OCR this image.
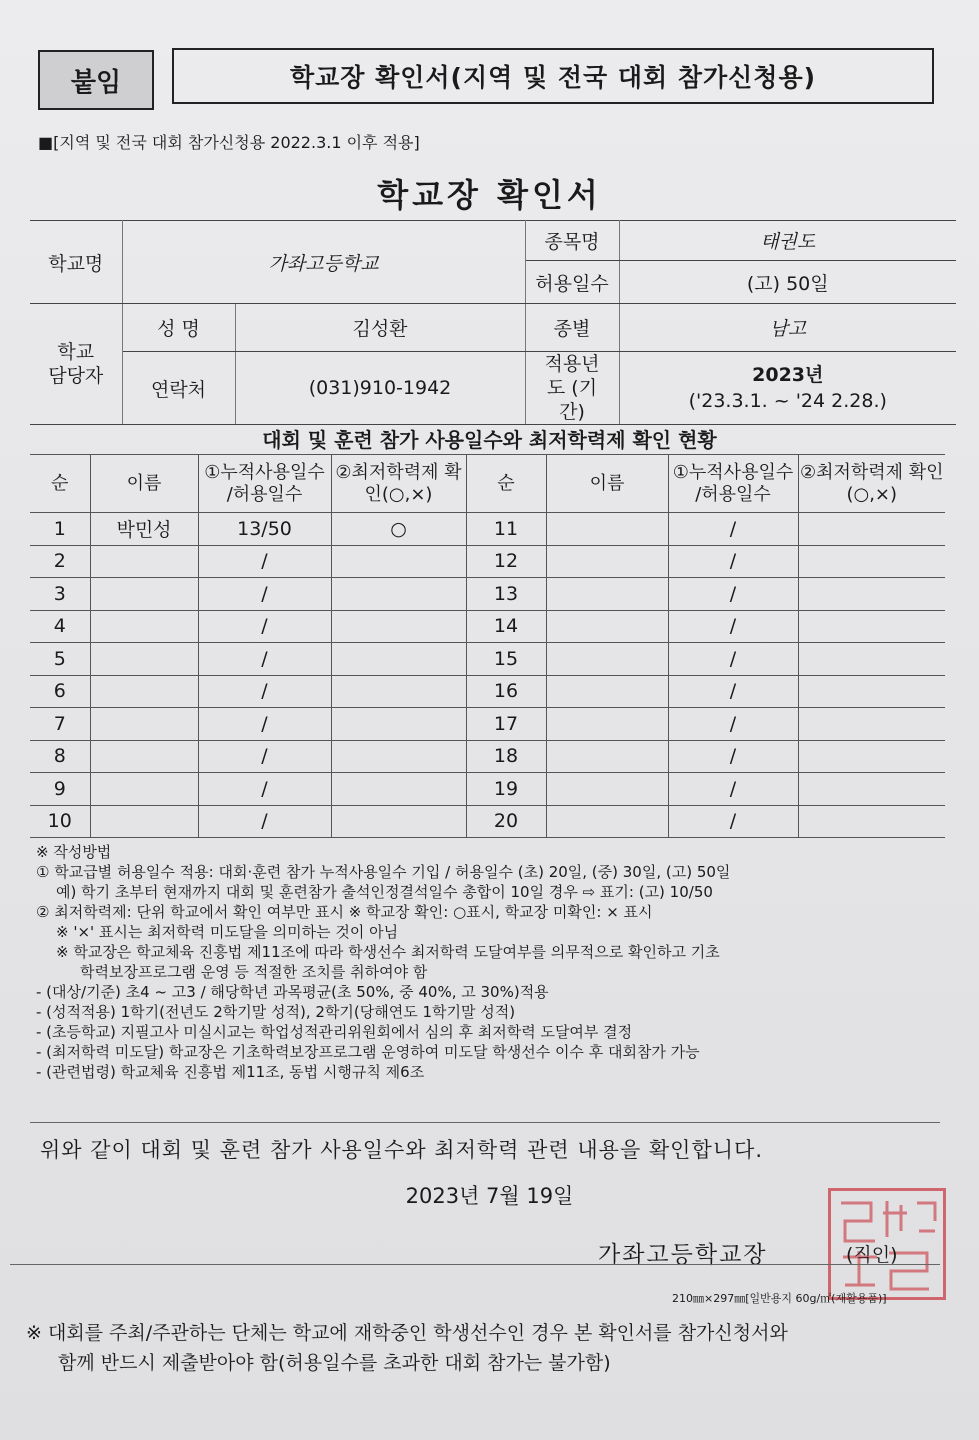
붙임	학교장 확인서(지역 및 전국 대회 참가신청용)
■[지역 및 전국 대회 참가신청용 2022.3.1 이후 적용]
학교장 확인서
학교명	가좌고등학교		종목명	태권도
			허용일수	(고) 50일
학교 담당자	성 명	김성환	종별	남고
	연락처	(031)910-1942	적용년도 (기간)	2023년
('23.3.1. ~ '24 2.28.)
대회 및 훈련 참가 사용일수와 최저학력제 확인 현황
순	이름	①누적사용일수 /허용일수	②최저학력제 확인(○,×)	순	이름	①누적사용일수 /허용일수	②최저학력제 확인(○,×)
1	박민성	13/50	○	11		/	
2		/		12		/	
3		/		13		/	
4		/		14		/	
5		/		15		/	
6		/		16		/	
7		/		17		/	
8		/		18		/	
9		/		19		/	
10		/		20		/	
※ 작성방법
① 학교급별 허용일수 적용: 대회·훈련 참가 누적사용일수 기입 / 허용일수 (초) 20일, (중) 30일, (고) 50일
예) 학기 초부터 현재까지 대회 및 훈련참가 출석인정결석일수 총합이 10일 경우 ⇨ 표기: (고) 10/50
② 최저학력제: 단위 학교에서 확인 여부만 표시 ※ 학교장 확인: ○표시, 학교장 미확인: × 표시
※ '×' 표시는 최저학력 미도달을 의미하는 것이 아님
※ 학교장은 학교체육 진흥법 제11조에 따라 학생선수 최저학력 도달여부를 의무적으로 확인하고 기초
학력보장프로그램 운영 등 적절한 조치를 취하여야 함
- (대상/기준) 초4 ~ 고3 / 해당학년 과목평균(초 50%, 중 40%, 고 30%)적용
- (성적적용) 1학기(전년도 2학기말 성적), 2학기(당해연도 1학기말 성적)
- (초등학교) 지필고사 미실시교는 학업성적관리위원회에서 심의 후 최저학력 도달여부 결정
- (최저학력 미도달) 학교장은 기초학력보장프로그램 운영하여 미도달 학생선수 이수 후 대회참가 가능
- (관련법령) 학교체육 진흥법 제11조, 동법 시행규칙 제6조
위와 같이 대회 및 훈련 참가 사용일수와 최저학력 관련 내용을 확인합니다.
2023년 7월 19일
가좌고등학교장	(직인)
210㎜×297㎜[일반용지 60g/㎡(재활용품)]
※ 대회를 주최/주관하는 단체는 학교에 재학중인 학생선수인 경우 본 확인서를 참가신청서와
함께 반드시 제출받아야 함(허용일수를 초과한 대회 참가는 불가함)
